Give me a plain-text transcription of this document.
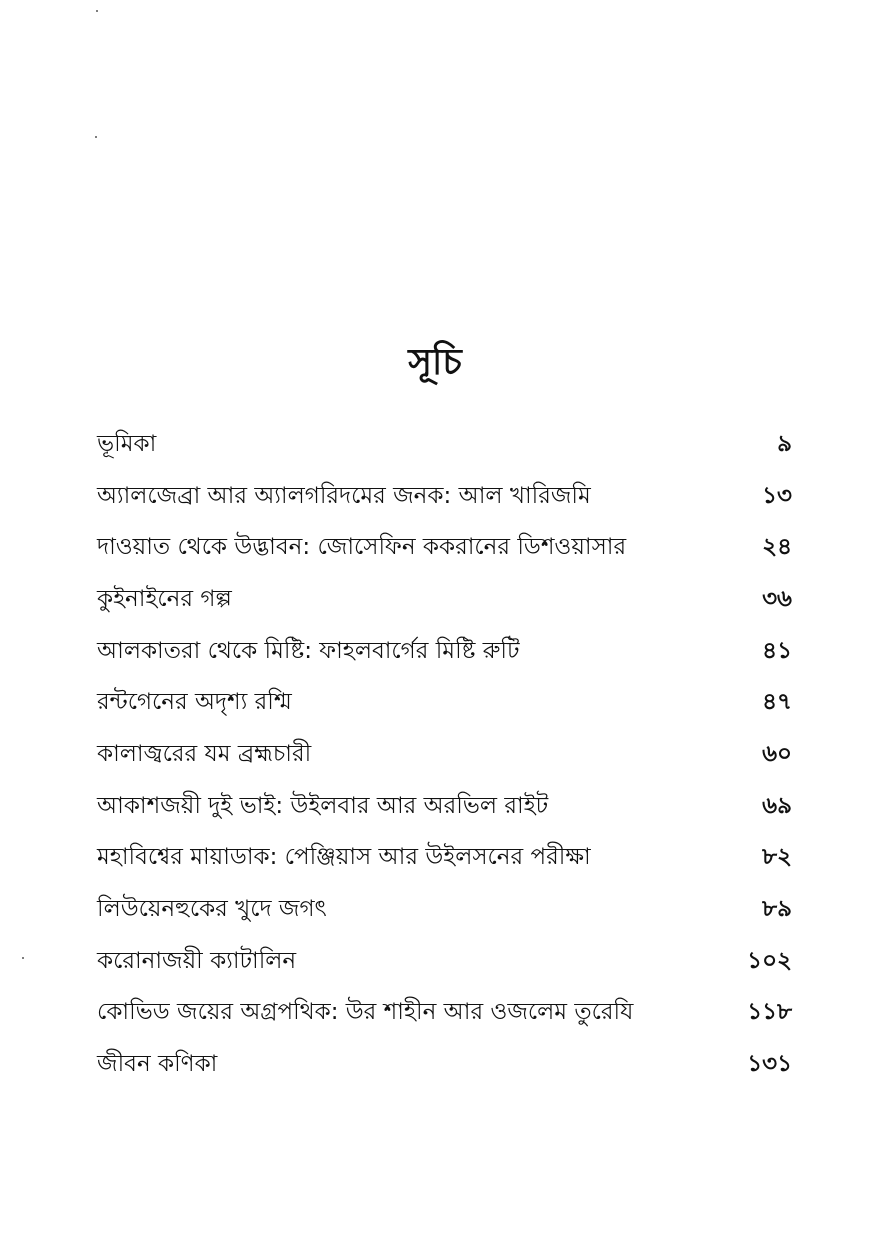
সূচি
ভূমিকা	৯
অ্যালজেব্রা আর অ্যালগরিদমের জনক: আল খারিজমি	১৩
দাওয়াত থেকে উদ্ভাবন: জোসেফিন ককরানের ডিশওয়াসার	২৪
কুইনাইনের গল্প	৩৬
আলকাতরা থেকে মিষ্টি: ফাহলবার্গের মিষ্টি রুটি	৪১
রন্টগেনের অদৃশ্য রশ্মি	৪৭
কালাজ্বরের যম ব্রহ্মচারী	৬০
আকাশজয়ী দুই ভাই: উইলবার আর অরভিল রাইট	৬৯
মহাবিশ্বের মায়াডাক: পেঞ্জিয়াস আর উইলসনের পরীক্ষা	৮২
লিউয়েনহুকের খুদে জগৎ	৮৯
করোনাজয়ী ক্যাটালিন	১০২
কোভিড জয়ের অগ্রপথিক: উর শাহীন আর ওজলেম তুরেযি	১১৮
জীবন কণিকা	১৩১
